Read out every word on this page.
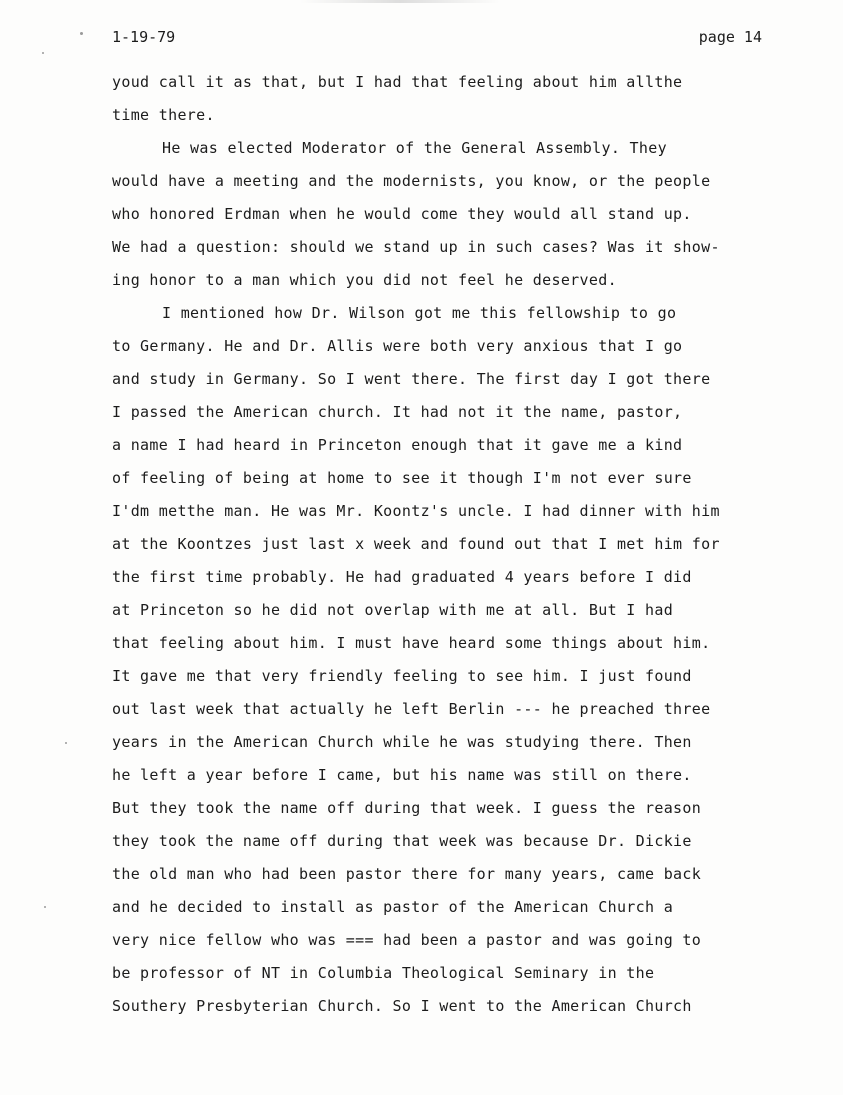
1-19-79	page 14
youd call it as that, but I had that feeling about him allthe
time there.
He was elected Moderator of the General Assembly. They
would have a meeting and the modernists, you know, or the people
who honored Erdman when he would come they would all stand up.
We had a question: should we stand up in such cases? Was it show-
ing honor to a man which you did not feel he deserved.
I mentioned how Dr. Wilson got me this fellowship to go
to Germany. He and Dr. Allis were both very anxious that I go
and study in Germany. So I went there. The first day I got there
I passed the American church. It had not it the name, pastor,
a name I had heard in Princeton enough that it gave me a kind
of feeling of being at home to see it though I'm not ever sure
I'dm metthe man. He was Mr. Koontz's uncle. I had dinner with him
at the Koontzes just last x week and found out that I met him for
the first time probably. He had graduated 4 years before I did
at Princeton so he did not overlap with me at all. But I had
that feeling about him. I must have heard some things about him.
It gave me that very friendly feeling to see him. I just found
out last week that actually he left Berlin --- he preached three
years in the American Church while he was studying there. Then
he left a year before I came, but his name was still on there.
But they took the name off during that week. I guess the reason
they took the name off during that week was because Dr. Dickie
the old man who had been pastor there for many years, came back
and he decided to install as pastor of the American Church a
very nice fellow who was === had been a pastor and was going to
be professor of NT in Columbia Theological Seminary in the
Southery Presbyterian Church. So I went to the American Church
